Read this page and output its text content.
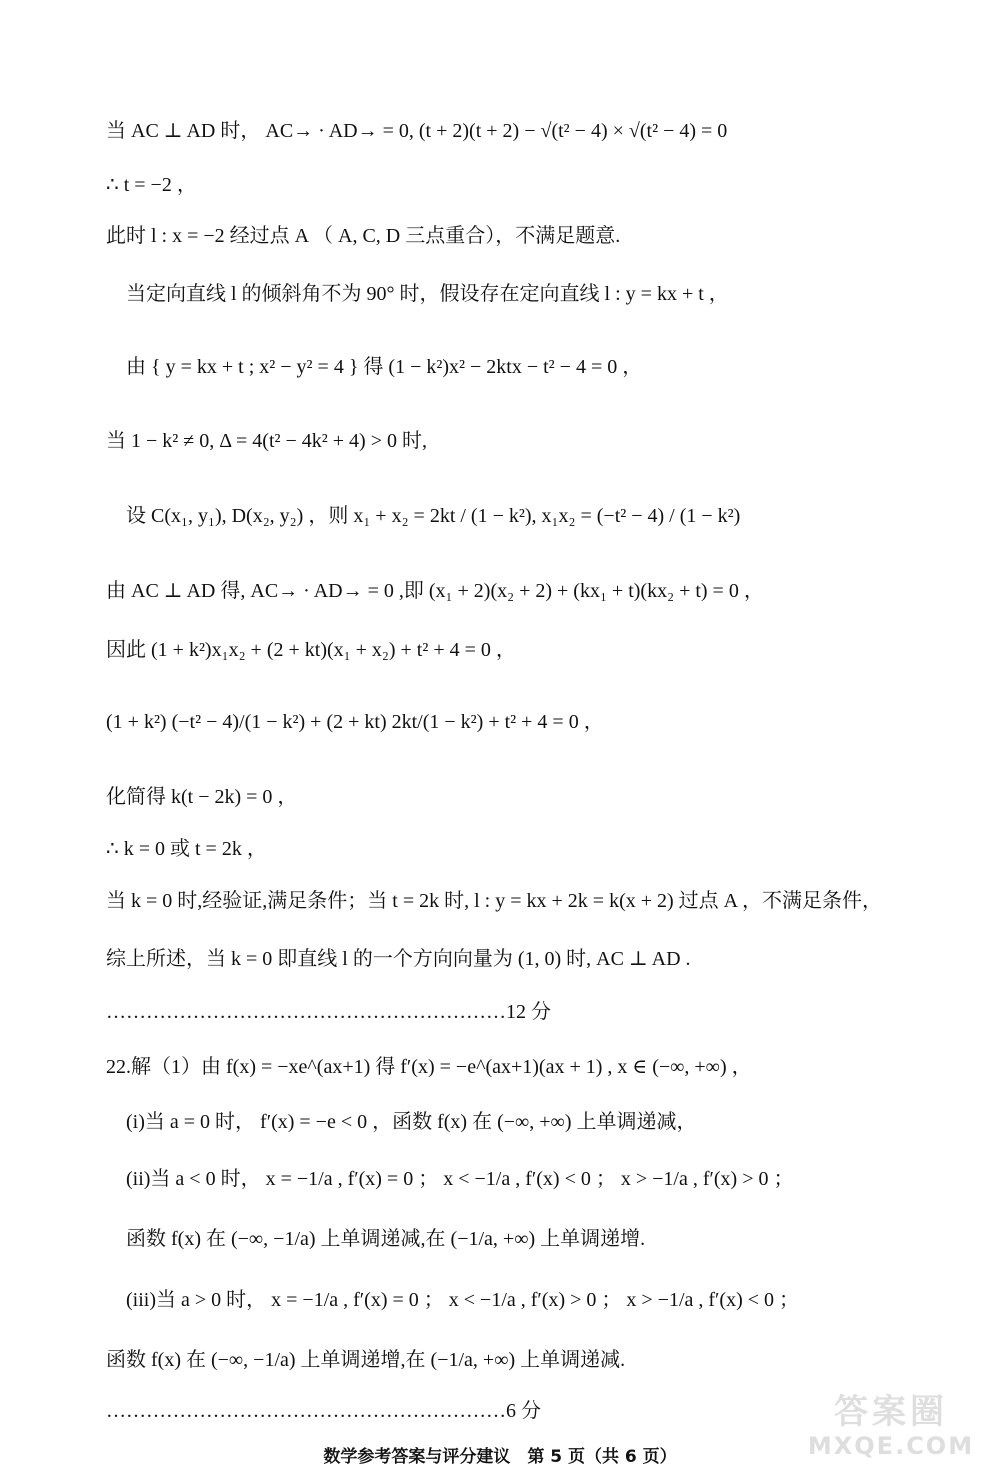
当 AC ⊥ AD 时， AC→ · AD→ = 0, (t + 2)(t + 2) − √(t² − 4) × √(t² − 4) = 0
∴ t = −2 ，
此时 l : x = −2 经过点 A （ A, C, D 三点重合），不满足题意.
当定向直线 l 的倾斜角不为 90° 时，假设存在定向直线 l : y = kx + t ，
由 { y = kx + t ; x² − y² = 4 } 得 (1 − k²)x² − 2ktx − t² − 4 = 0 ，
当 1 − k² ≠ 0, Δ = 4(t² − 4k² + 4) > 0 时,
设 C(x₁, y₁), D(x₂, y₂) ，则 x₁ + x₂ = 2kt / (1 − k²), x₁x₂ = (−t² − 4) / (1 − k²)
由 AC ⊥ AD 得, AC→ · AD→ = 0 ,即 (x₁ + 2)(x₂ + 2) + (kx₁ + t)(kx₂ + t) = 0 ，
因此 (1 + k²)x₁x₂ + (2 + kt)(x₁ + x₂) + t² + 4 = 0 ，
(1 + k²) (−t² − 4)/(1 − k²) + (2 + kt) 2kt/(1 − k²) + t² + 4 = 0 ，
化简得 k(t − 2k) = 0 ，
∴ k = 0 或 t = 2k ，
当 k = 0 时,经验证,满足条件；当 t = 2k 时, l : y = kx + 2k = k(x + 2) 过点 A ，不满足条件，
综上所述，当 k = 0 即直线 l 的一个方向向量为 (1, 0) 时, AC ⊥ AD .
……………………………………………………12 分
22.解（1）由 f(x) = −xe^(ax+1) 得 f′(x) = −e^(ax+1)(ax + 1) , x ∈ (−∞, +∞) ，
(i)当 a = 0 时， f′(x) = −e < 0 ，函数 f(x) 在 (−∞, +∞) 上单调递减，
(ii)当 a < 0 时， x = −1/a , f′(x) = 0 ； x < −1/a , f′(x) < 0 ； x > −1/a , f′(x) > 0 ；
函数 f(x) 在 (−∞, −1/a) 上单调递减,在 (−1/a, +∞) 上单调递增.
(iii)当 a > 0 时， x = −1/a , f′(x) = 0 ； x < −1/a , f′(x) > 0 ； x > −1/a , f′(x) < 0 ；
函数 f(x) 在 (−∞, −1/a) 上单调递增,在 (−1/a, +∞) 上单调递减.
……………………………………………………6 分
数学参考答案与评分建议　第 5 页（共 6 页）
答案圈
MXQE.COM
